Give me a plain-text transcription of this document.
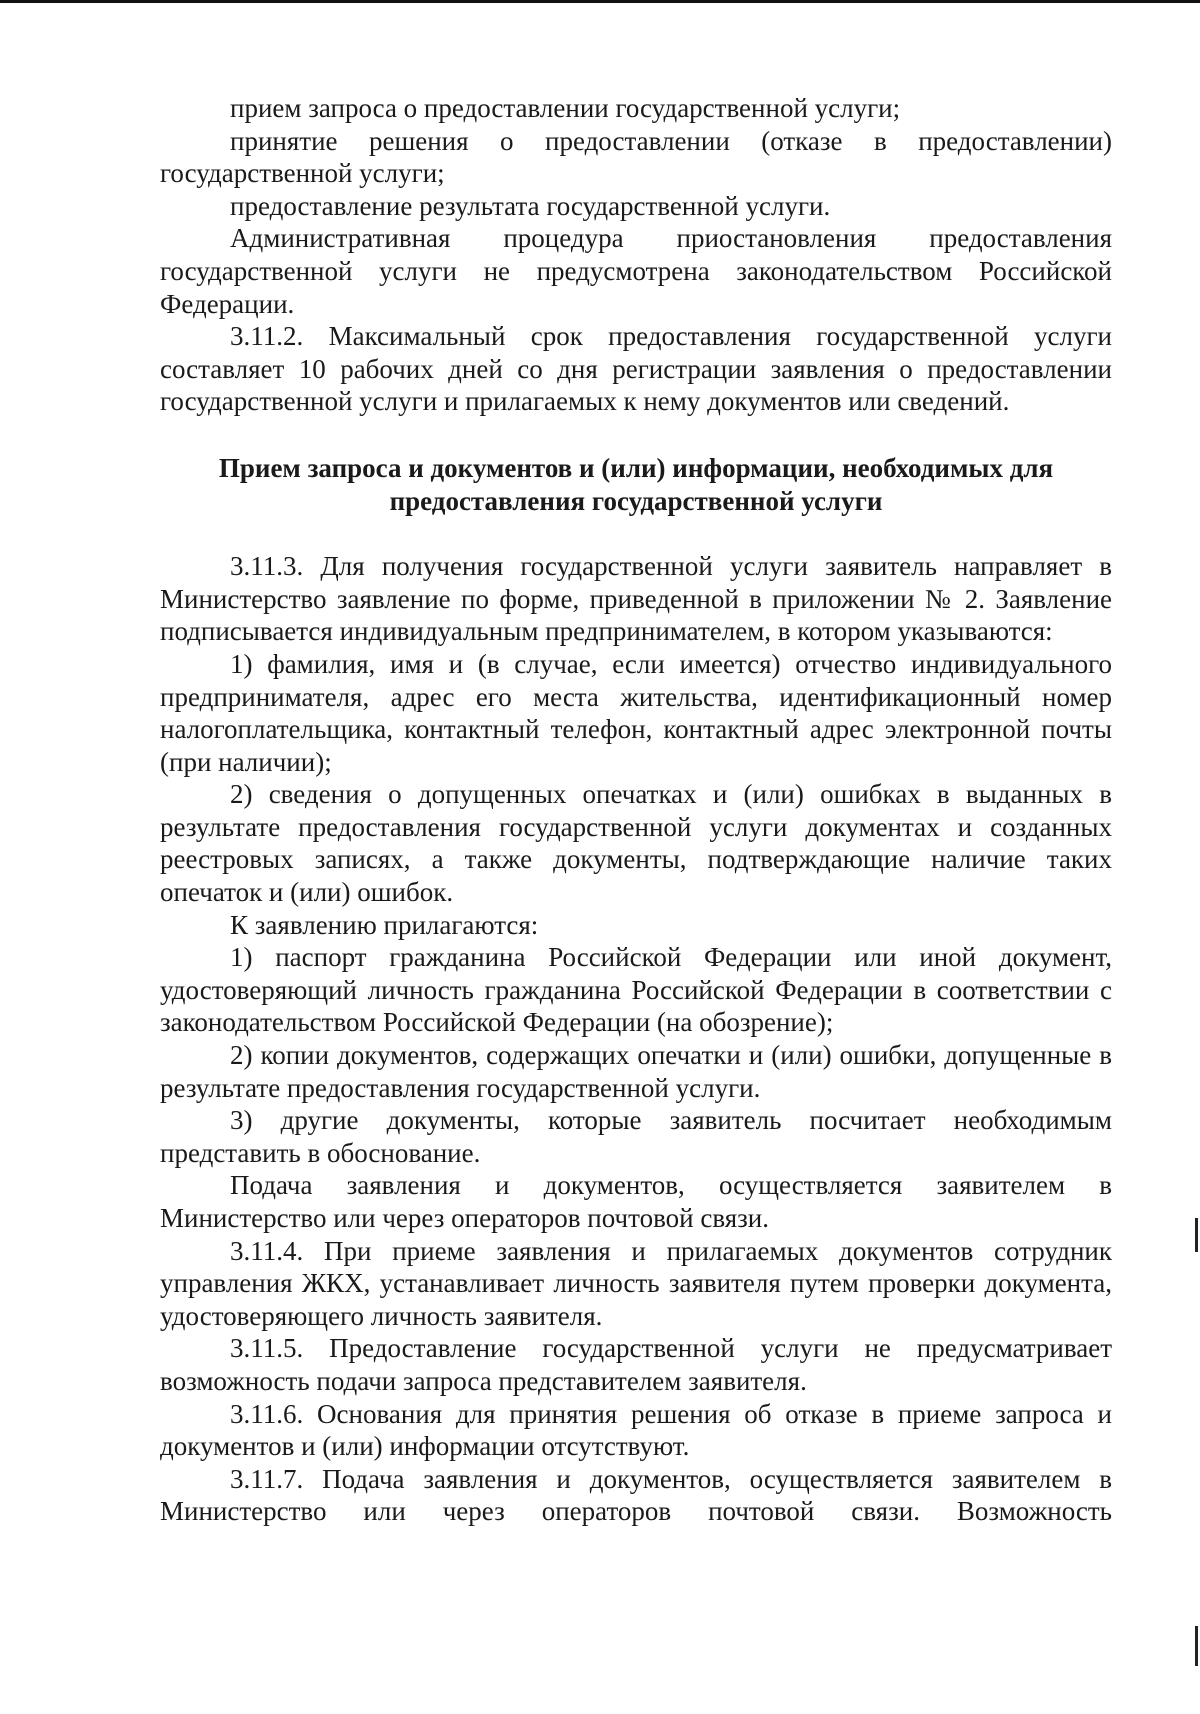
прием запроса о предоставлении государственной услуги;

принятие решения о предоставлении (отказе в предоставлении) государственной услуги;

предоставление результата государственной услуги.

Административная процедура приостановления предоставления государственной услуги не предусмотрена законодательством Российской Федерации.

3.11.2. Максимальный срок предоставления государственной услуги составляет 10 рабочих дней со дня регистрации заявления о предоставлении государственной услуги и прилагаемых к нему документов или сведений.

Прием запроса и документов и (или) информации, необходимых для предоставления государственной услуги

3.11.3. Для получения государственной услуги заявитель направляет в Министерство заявление по форме, приведенной в приложении № 2. Заявление подписывается индивидуальным предпринимателем, в котором указываются:

1) фамилия, имя и (в случае, если имеется) отчество индивидуального предпринимателя, адрес его места жительства, идентификационный номер налогоплательщика, контактный телефон, контактный адрес электронной почты (при наличии);

2) сведения о допущенных опечатках и (или) ошибках в выданных в результате предоставления государственной услуги документах и созданных реестровых записях, а также документы, подтверждающие наличие таких опечаток и (или) ошибок.

К заявлению прилагаются:

1) паспорт гражданина Российской Федерации или иной документ, удостоверяющий личность гражданина Российской Федерации в соответствии с законодательством Российской Федерации (на обозрение);

2) копии документов, содержащих опечатки и (или) ошибки, допущенные в результате предоставления государственной услуги.

3) другие документы, которые заявитель посчитает необходимым представить в обоснование.

Подача заявления и документов, осуществляется заявителем в Министерство или через операторов почтовой связи.

3.11.4. При приеме заявления и прилагаемых документов сотрудник управления ЖКХ, устанавливает личность заявителя путем проверки документа, удостоверяющего личность заявителя.

3.11.5. Предоставление государственной услуги не предусматривает возможность подачи запроса представителем заявителя.

3.11.6. Основания для принятия решения об отказе в приеме запроса и документов и (или) информации отсутствуют.

3.11.7. Подача заявления и документов, осуществляется заявителем в Министерство или через операторов почтовой связи. Возможность
